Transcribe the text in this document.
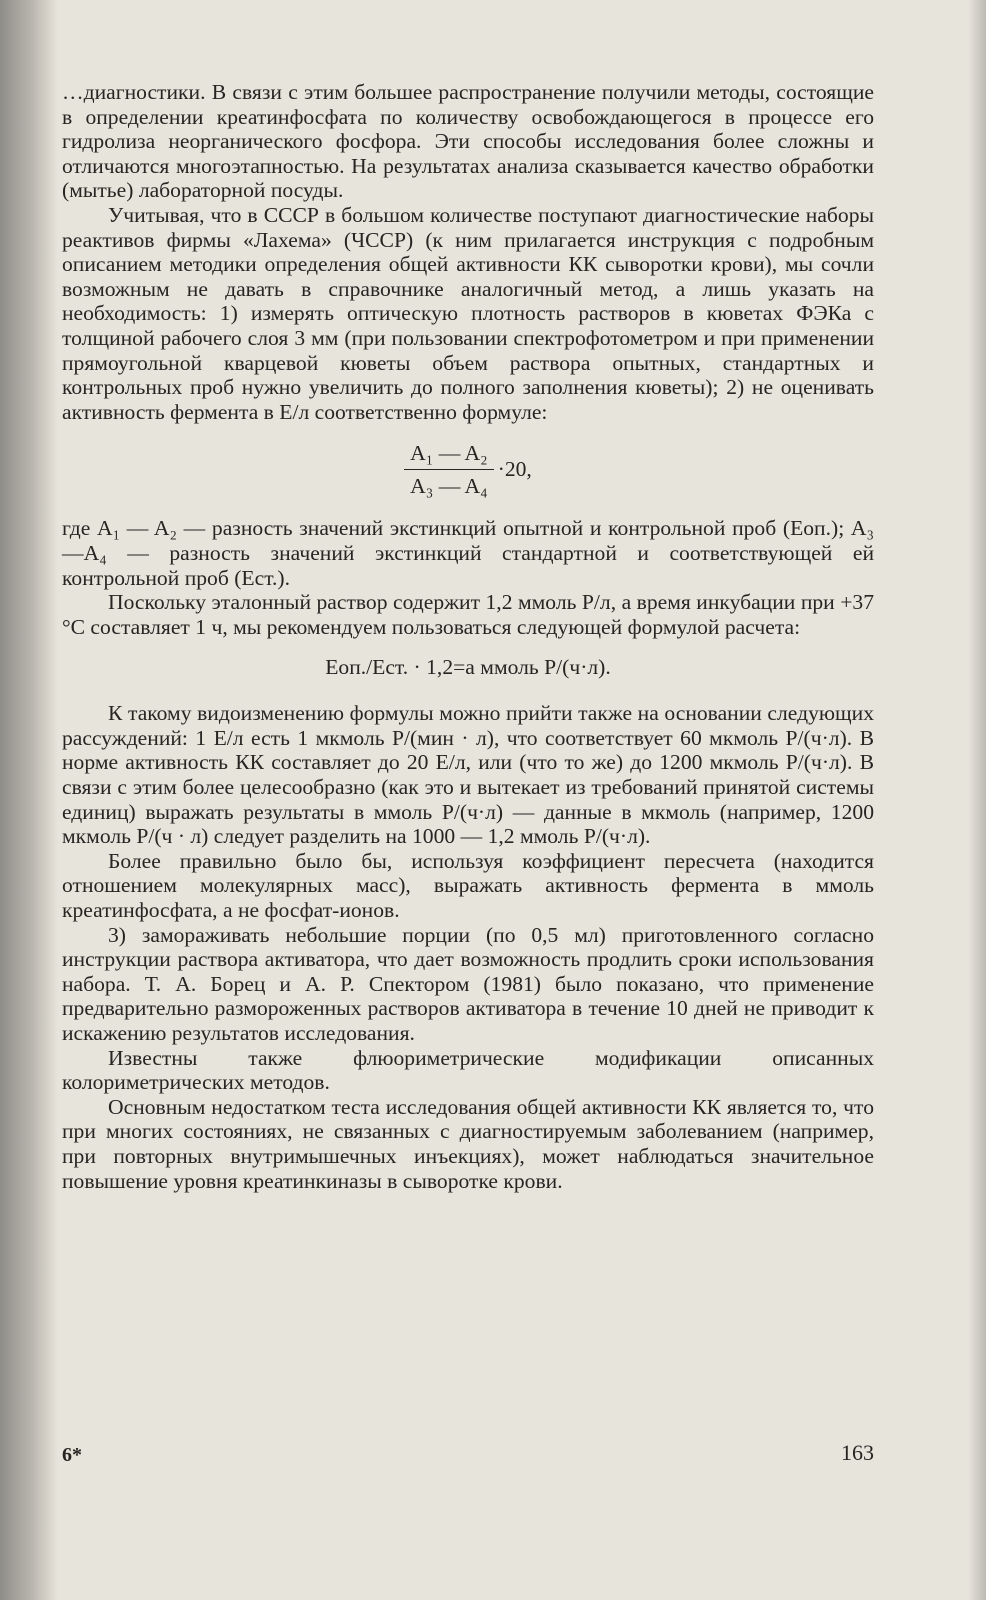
…диагностики. В связи с этим большее распространение получили методы, состоящие в определении креатинфосфата по количеству освобождающегося в процессе его гидролиза неорганического фосфора. Эти способы исследования более сложны и отличаются многоэтапностью. На результатах анализа сказывается качество обработки (мытье) лабораторной посуды.

Учитывая, что в СССР в большом количестве поступают диагностические наборы реактивов фирмы «Лахема» (ЧССР) (к ним прилагается инструкция с подробным описанием методики определения общей активности КК сыворотки крови), мы сочли возможным не давать в справочнике аналогичный метод, а лишь указать на необходимость: 1) измерять оптическую плотность растворов в кюветах ФЭКа с толщиной рабочего слоя 3 мм (при пользовании спектрофотометром и при применении прямоугольной кварцевой кюветы объем раствора опытных, стандартных и контрольных проб нужно увеличить до полного заполнения кюветы); 2) не оценивать активность фермента в Е/л соответственно формуле:

$\frac{\text{A₁ — A₂}}{\text{A₃ — A₄}} \cdot 20$,

где A₁ — A₂ — разность значений экстинкций опытной и контрольной проб (Eоп.); A₃—A₄ — разность значений экстинкций стандартной и соответствующей ей контрольной проб (Eст.).

Поскольку эталонный раствор содержит 1,2 ммоль Р/л, а время инкубации при +37 °С составляет 1 ч, мы рекомендуем пользоваться следующей формулой расчета:

Eоп./Eст. · 1,2=a ммоль Р/(ч·л).

К такому видоизменению формулы можно прийти также на основании следующих рассуждений: 1 Е/л есть 1 мкмоль Р/(мин · л), что соответствует 60 мкмоль Р/(ч·л). В норме активность КК составляет до 20 Е/л, или (что то же) до 1200 мкмоль Р/(ч·л). В связи с этим более целесообразно (как это и вытекает из требований принятой системы единиц) выражать результаты в ммоль Р/(ч·л) — данные в мкмоль (например, 1200 мкмоль Р/(ч · л) следует разделить на 1000 — 1,2 ммоль Р/(ч·л).

Более правильно было бы, используя коэффициент пересчета (находится отношением молекулярных масс), выражать активность фермента в ммоль креатинфосфата, а не фосфат-ионов.

3) замораживать небольшие порции (по 0,5 мл) приготовленного согласно инструкции раствора активатора, что дает возможность продлить сроки использования набора. Т. А. Борец и А. Р. Спектором (1981) было показано, что применение предварительно размороженных растворов активатора в течение 10 дней не приводит к искажению результатов исследования.

Известны также флюориметрические модификации описанных колориметрических методов.

Основным недостатком теста исследования общей активности КК является то, что при многих состояниях, не связанных с диагностируемым заболеванием (например, при повторных внутримышечных инъекциях), может наблюдаться значительное повышение уровня креатинкиназы в сыворотке крови.

6*	163
